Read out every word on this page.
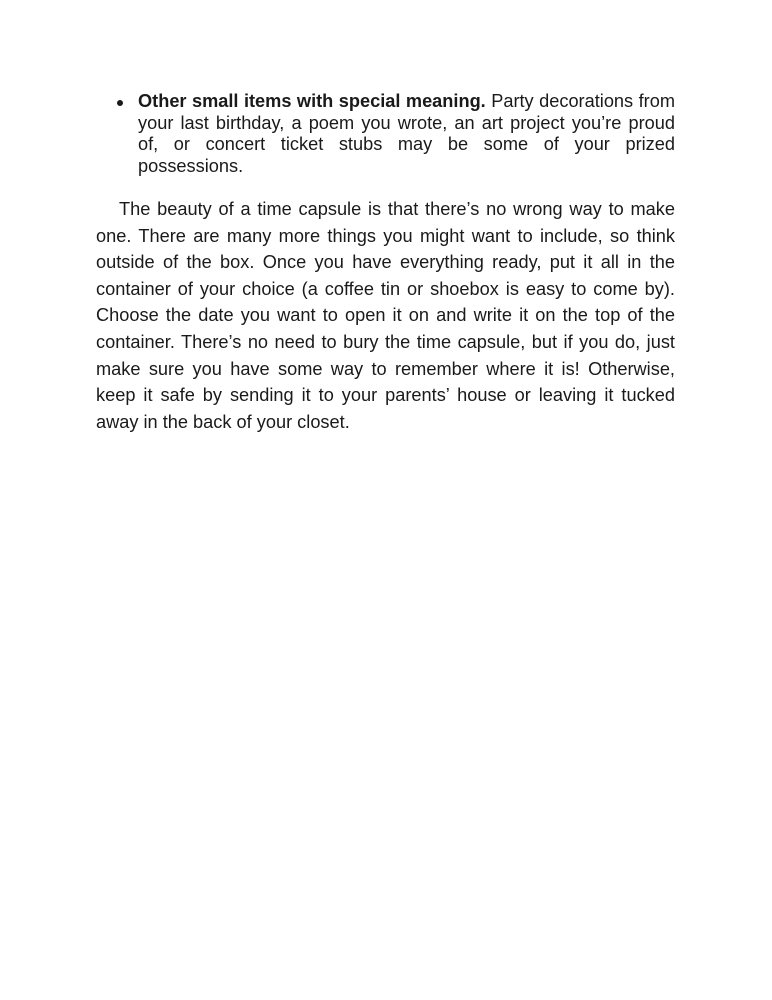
Other small items with special meaning. Party decorations from your last birthday, a poem you wrote, an art project you’re proud of, or concert ticket stubs may be some of your prized possessions.

The beauty of a time capsule is that there’s no wrong way to make one. There are many more things you might want to include, so think outside of the box. Once you have everything ready, put it all in the container of your choice (a coffee tin or shoebox is easy to come by). Choose the date you want to open it on and write it on the top of the container. There’s no need to bury the time capsule, but if you do, just make sure you have some way to remember where it is! Otherwise, keep it safe by sending it to your parents’ house or leaving it tucked away in the back of your closet.
